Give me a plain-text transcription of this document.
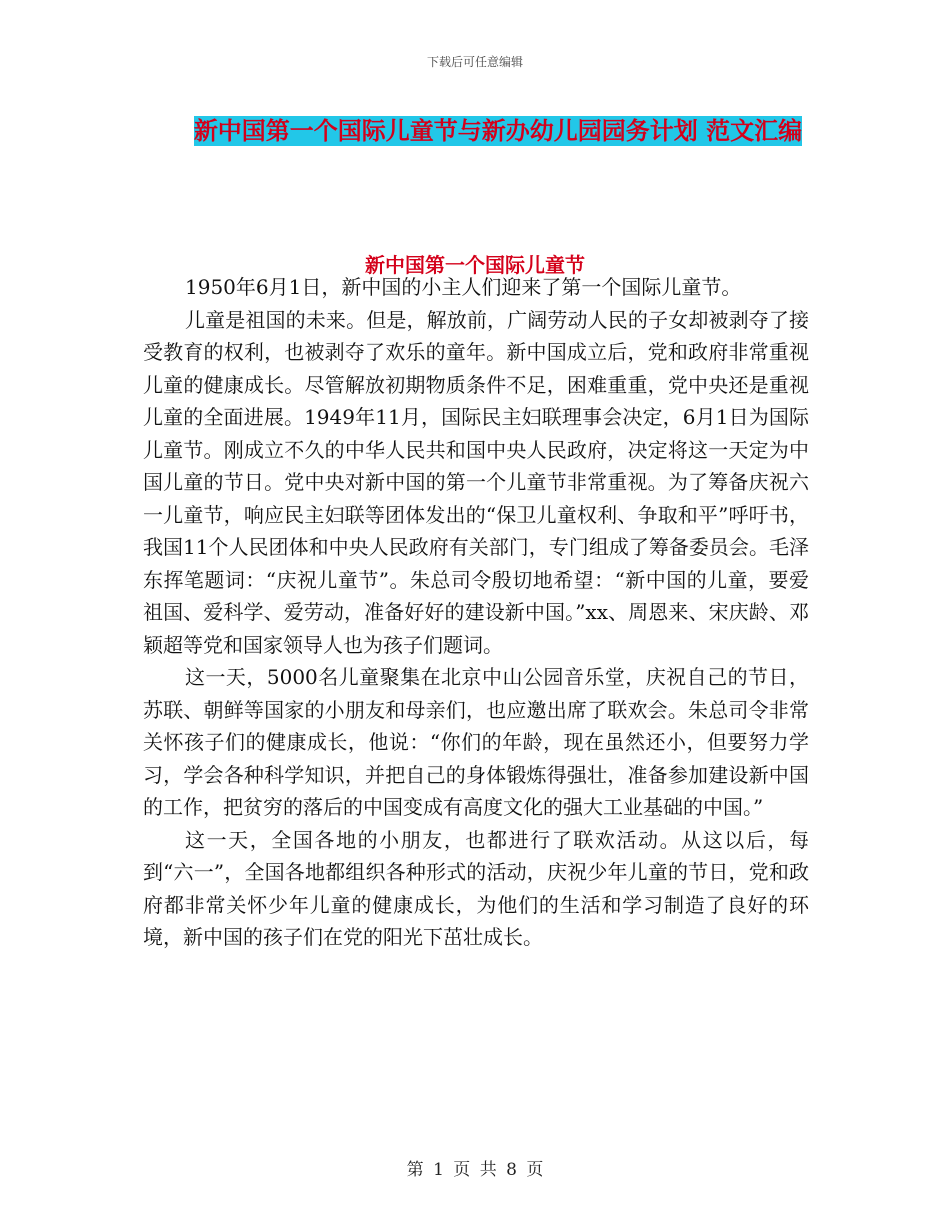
下载后可任意编辑
新中国第一个国际儿童节与新办幼儿园园务计划 范文汇编
新中国第一个国际儿童节

1950年6月1日，新中国的小主人们迎来了第一个国际儿童节。

儿童是祖国的未来。但是，解放前，广阔劳动人民的子女却被剥夺了接受教育的权利，也被剥夺了欢乐的童年。新中国成立后，党和政府非常重视儿童的健康成长。尽管解放初期物质条件不足，困难重重，党中央还是重视儿童的全面进展。1949年11月，国际民主妇联理事会决定，6月1日为国际儿童节。刚成立不久的中华人民共和国中央人民政府，决定将这一天定为中国儿童的节日。党中央对新中国的第一个儿童节非常重视。为了筹备庆祝六一儿童节，响应民主妇联等团体发出的“保卫儿童权利、争取和平”呼吁书，我国11个人民团体和中央人民政府有关部门，专门组成了筹备委员会。毛泽东挥笔题词：“庆祝儿童节”。朱总司令殷切地希望：“新中国的儿童，要爱祖国、爱科学、爱劳动，准备好好的建设新中国。”xx、周恩来、宋庆龄、邓颖超等党和国家领导人也为孩子们题词。

这一天，5000名儿童聚集在北京中山公园音乐堂，庆祝自己的节日，苏联、朝鲜等国家的小朋友和母亲们，也应邀出席了联欢会。朱总司令非常关怀孩子们的健康成长，他说：“你们的年龄，现在虽然还小，但要努力学习，学会各种科学知识，并把自己的身体锻炼得强壮，准备参加建设新中国的工作，把贫穷的落后的中国变成有高度文化的强大工业基础的中国。”

这一天，全国各地的小朋友，也都进行了联欢活动。从这以后，每到“六一”，全国各地都组织各种形式的活动，庆祝少年儿童的节日，党和政府都非常关怀少年儿童的健康成长，为他们的生活和学习制造了良好的环境，新中国的孩子们在党的阳光下茁壮成长。

第 1 页 共 8 页
